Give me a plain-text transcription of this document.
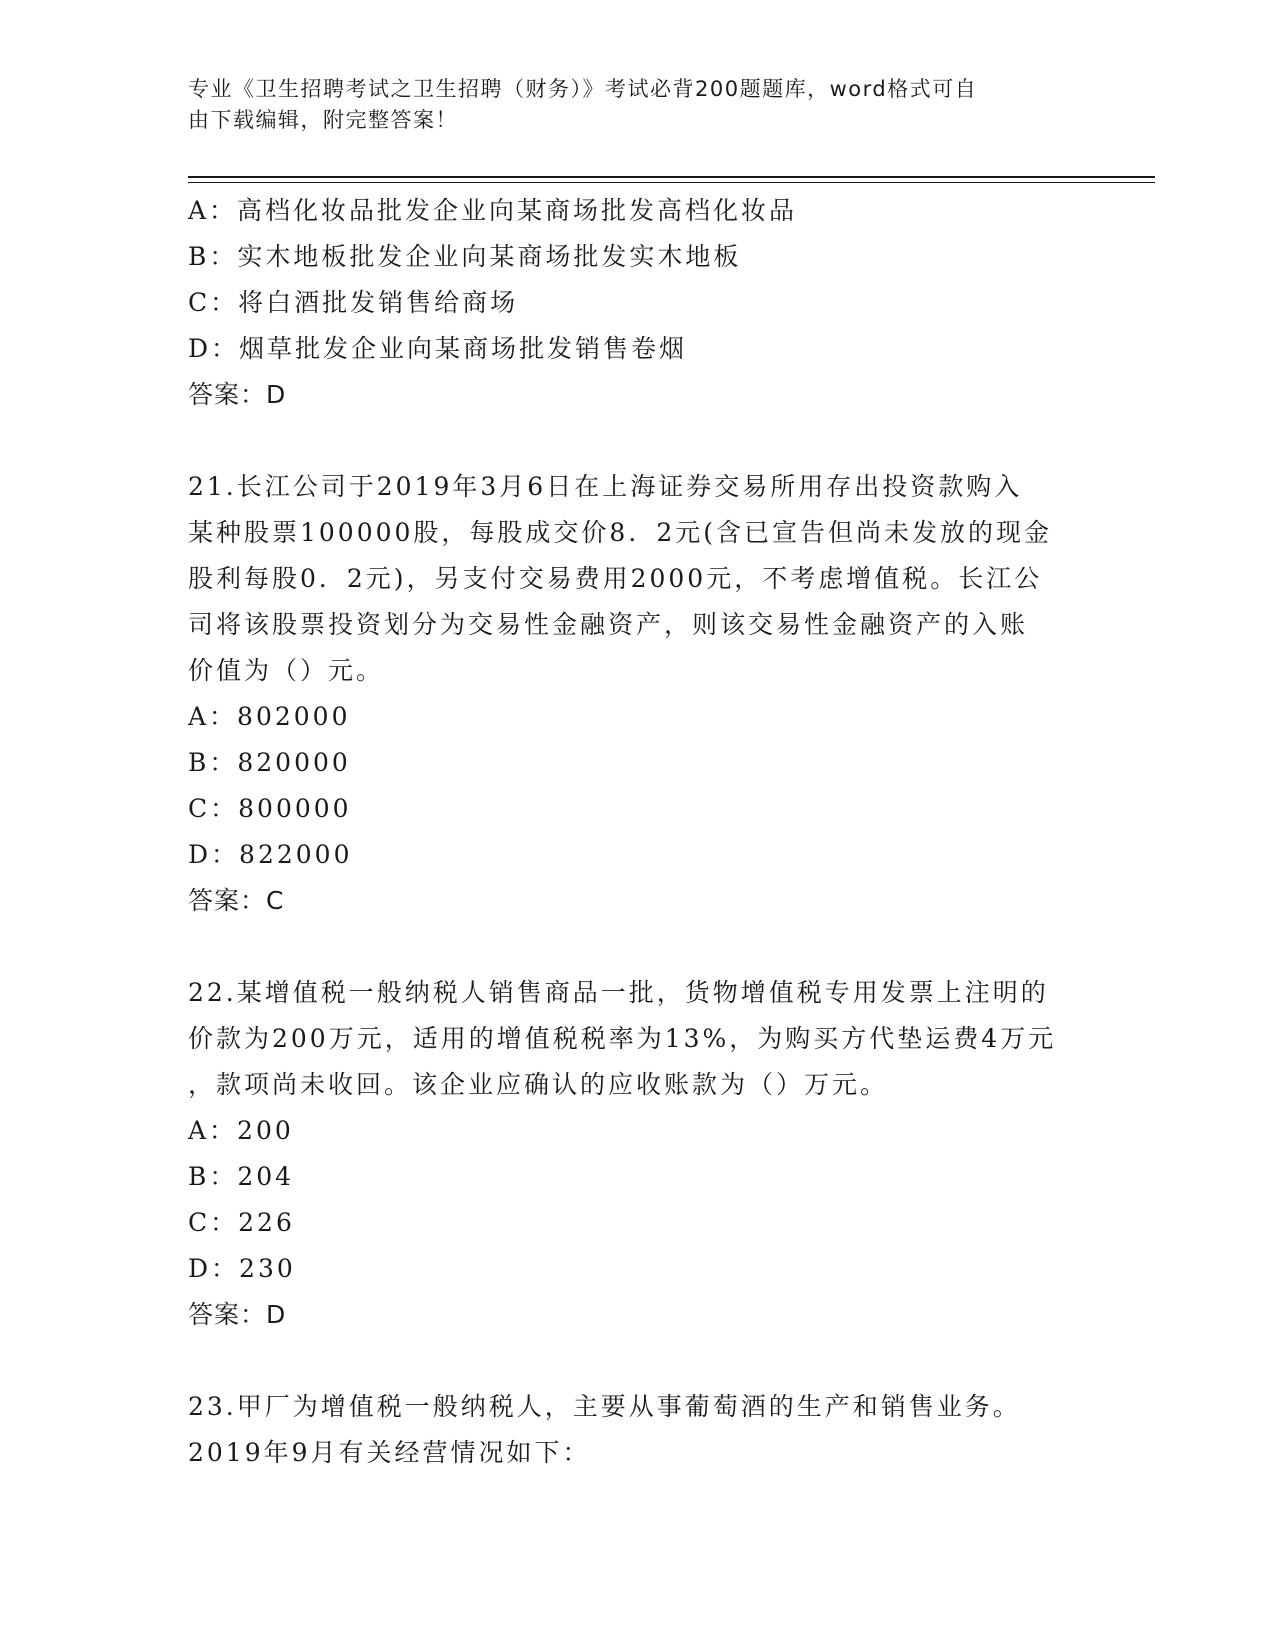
专业《卫生招聘考试之卫生招聘（财务）》考试必背200题题库，word格式可自
由下载编辑，附完整答案！
A：高档化妆品批发企业向某商场批发高档化妆品
B：实木地板批发企业向某商场批发实木地板
C：将白酒批发销售给商场
D：烟草批发企业向某商场批发销售卷烟
答案：D
21.长江公司于2019年3月6日在上海证券交易所用存出投资款购入
某种股票100000股，每股成交价8．2元(含已宣告但尚未发放的现金
股利每股0．2元)，另支付交易费用2000元，不考虑增值税。长江公
司将该股票投资划分为交易性金融资产，则该交易性金融资产的入账
价值为（）元。
A：802000
B：820000
C：800000
D：822000
答案：C
22.某增值税一般纳税人销售商品一批，货物增值税专用发票上注明的
价款为200万元，适用的增值税税率为13%，为购买方代垫运费4万元
，款项尚未收回。该企业应确认的应收账款为（）万元。
A：200
B：204
C：226
D：230
答案：D
23.甲厂为增值税一般纳税人，主要从事葡萄酒的生产和销售业务。
2019年9月有关经营情况如下：
